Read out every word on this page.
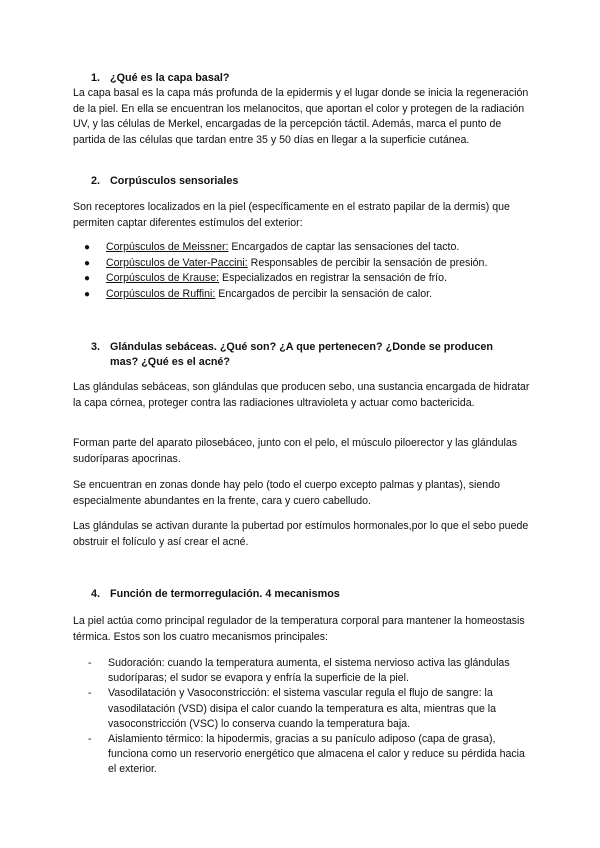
1. ¿Qué es la capa basal?
La capa basal es la capa más profunda de la epidermis y el lugar donde se inicia la regeneración de la piel. En ella se encuentran los melanocitos, que aportan el color y protegen de la radiación UV, y las células de Merkel, encargadas de la percepción táctil. Además, marca el punto de partida de las células que tardan entre 35 y 50 días en llegar a la superficie cutánea.
2. Corpúsculos sensoriales
Son receptores localizados en la piel (específicamente en el estrato papilar de la dermis) que permiten captar diferentes estímulos del exterior:
●	Corpúsculos de Meissner: Encargados de captar las sensaciones del tacto.
●	Corpúsculos de Vater-Paccini: Responsables de percibir la sensación de presión.
●	Corpúsculos de Krause: Especializados en registrar la sensación de frío.
●	Corpúsculos de Ruffini: Encargados de percibir la sensación de calor.
3. Glándulas sebáceas. ¿Qué son? ¿A que pertenecen? ¿Donde se producen
mas? ¿Qué es el acné?
Las glándulas sebáceas, son glándulas que producen sebo, una sustancia encargada de hidratar la capa córnea, proteger contra las radiaciones ultravioleta y actuar como bactericida.
Forman parte del aparato pilosebáceo, junto con el pelo, el músculo piloerector y las glándulas sudoríparas apocrinas.
Se encuentran en zonas donde hay pelo (todo el cuerpo excepto palmas y plantas), siendo especialmente abundantes en la frente, cara y cuero cabelludo.
Las glándulas se activan durante la pubertad por estímulos hormonales,por lo que el sebo puede obstruir el folículo y así crear el acné.
4. Función de termorregulación. 4 mecanismos
La piel actúa como principal regulador de la temperatura corporal para mantener la homeostasis térmica. Estos son los cuatro mecanismos principales:
-	Sudoración: cuando la temperatura aumenta, el sistema nervioso activa las glándulas sudoríparas; el sudor se evapora y enfría la superficie de la piel.
-	Vasodilatación y Vasoconstricción: el sistema vascular regula el flujo de sangre: la vasodilatación (VSD) disipa el calor cuando la temperatura es alta, mientras que la vasoconstricción (VSC) lo conserva cuando la temperatura baja.
-	Aislamiento térmico: la hipodermis, gracias a su panículo adiposo (capa de grasa), funciona como un reservorio energético que almacena el calor y reduce su pérdida hacia el exterior.
